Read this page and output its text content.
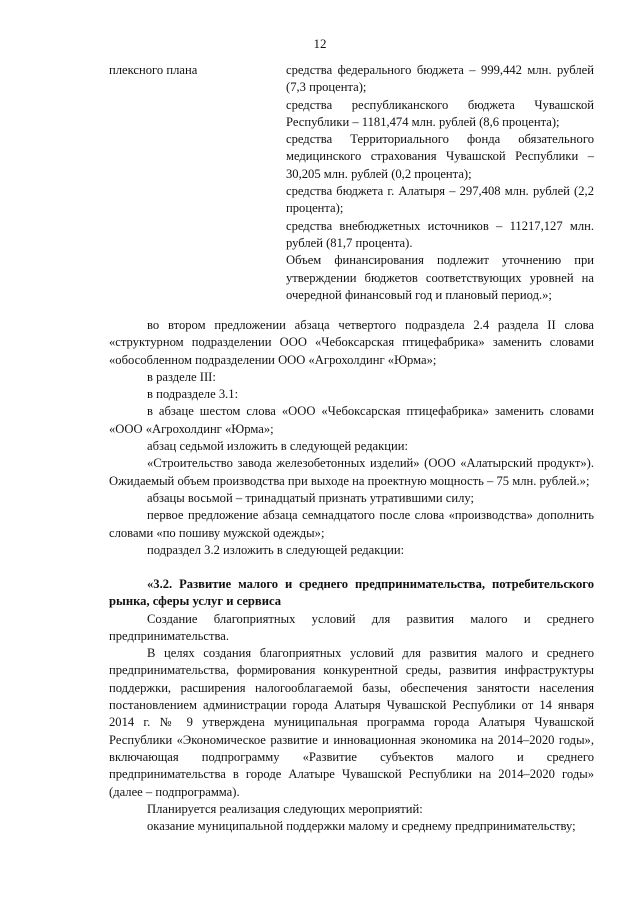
12
плексного плана	средства федерального бюджета – 999,442 млн. рублей (7,3 процента);

средства республиканского бюджета Чувашской Республики – 1181,474 млн. рублей (8,6 процента);

средства Территориального фонда обязательного медицинского страхования Чувашской Республики – 30,205 млн. рублей (0,2 процента);

средства бюджета г. Алатыря – 297,408 млн. рублей (2,2 процента);

средства внебюджетных источников – 11217,127 млн. рублей (81,7 процента).

Объем финансирования подлежит уточнению при утверждении бюджетов соответствующих уровней на очередной финансовый год и плановый период.»;

во втором предложении абзаца четвертого подраздела 2.4 раздела II слова «структурном подразделении ООО «Чебоксарская птицефабрика» заменить словами «обособленном подразделении ООО «Агрохолдинг «Юрма»;

в разделе III:

в подразделе 3.1:

в абзаце шестом слова «ООО «Чебоксарская птицефабрика» заменить словами «ООО «Агрохолдинг «Юрма»;

абзац седьмой изложить в следующей редакции:

«Строительство завода железобетонных изделий» (ООО «Алатырский продукт»). Ожидаемый объем производства при выходе на проектную мощность – 75 млн. рублей.»;

абзацы восьмой – тринадцатый признать утратившими силу;

первое предложение абзаца семнадцатого после слова «производства» дополнить словами «по пошиву мужской одежды»;

подраздел 3.2 изложить в следующей редакции:

«3.2. Развитие малого и среднего предпринимательства, потребительского рынка, сферы услуг и сервиса

Создание благоприятных условий для развития малого и среднего предпринимательства.

В целях создания благоприятных условий для развития малого и среднего предпринимательства, формирования конкурентной среды, развития инфраструктуры поддержки, расширения налогооблагаемой базы, обеспечения занятости населения постановлением администрации города Алатыря Чувашской Республики от 14 января 2014 г. № 9 утверждена муниципальная программа города Алатыря Чувашской Республики «Экономическое развитие и инновационная экономика на 2014–2020 годы», включающая подпрограмму «Развитие субъектов малого и среднего предпринимательства в городе Алатыре Чувашской Республики на 2014–2020 годы» (далее – подпрограмма).

Планируется реализация следующих мероприятий:

оказание муниципальной поддержки малому и среднему предпринимательству;
